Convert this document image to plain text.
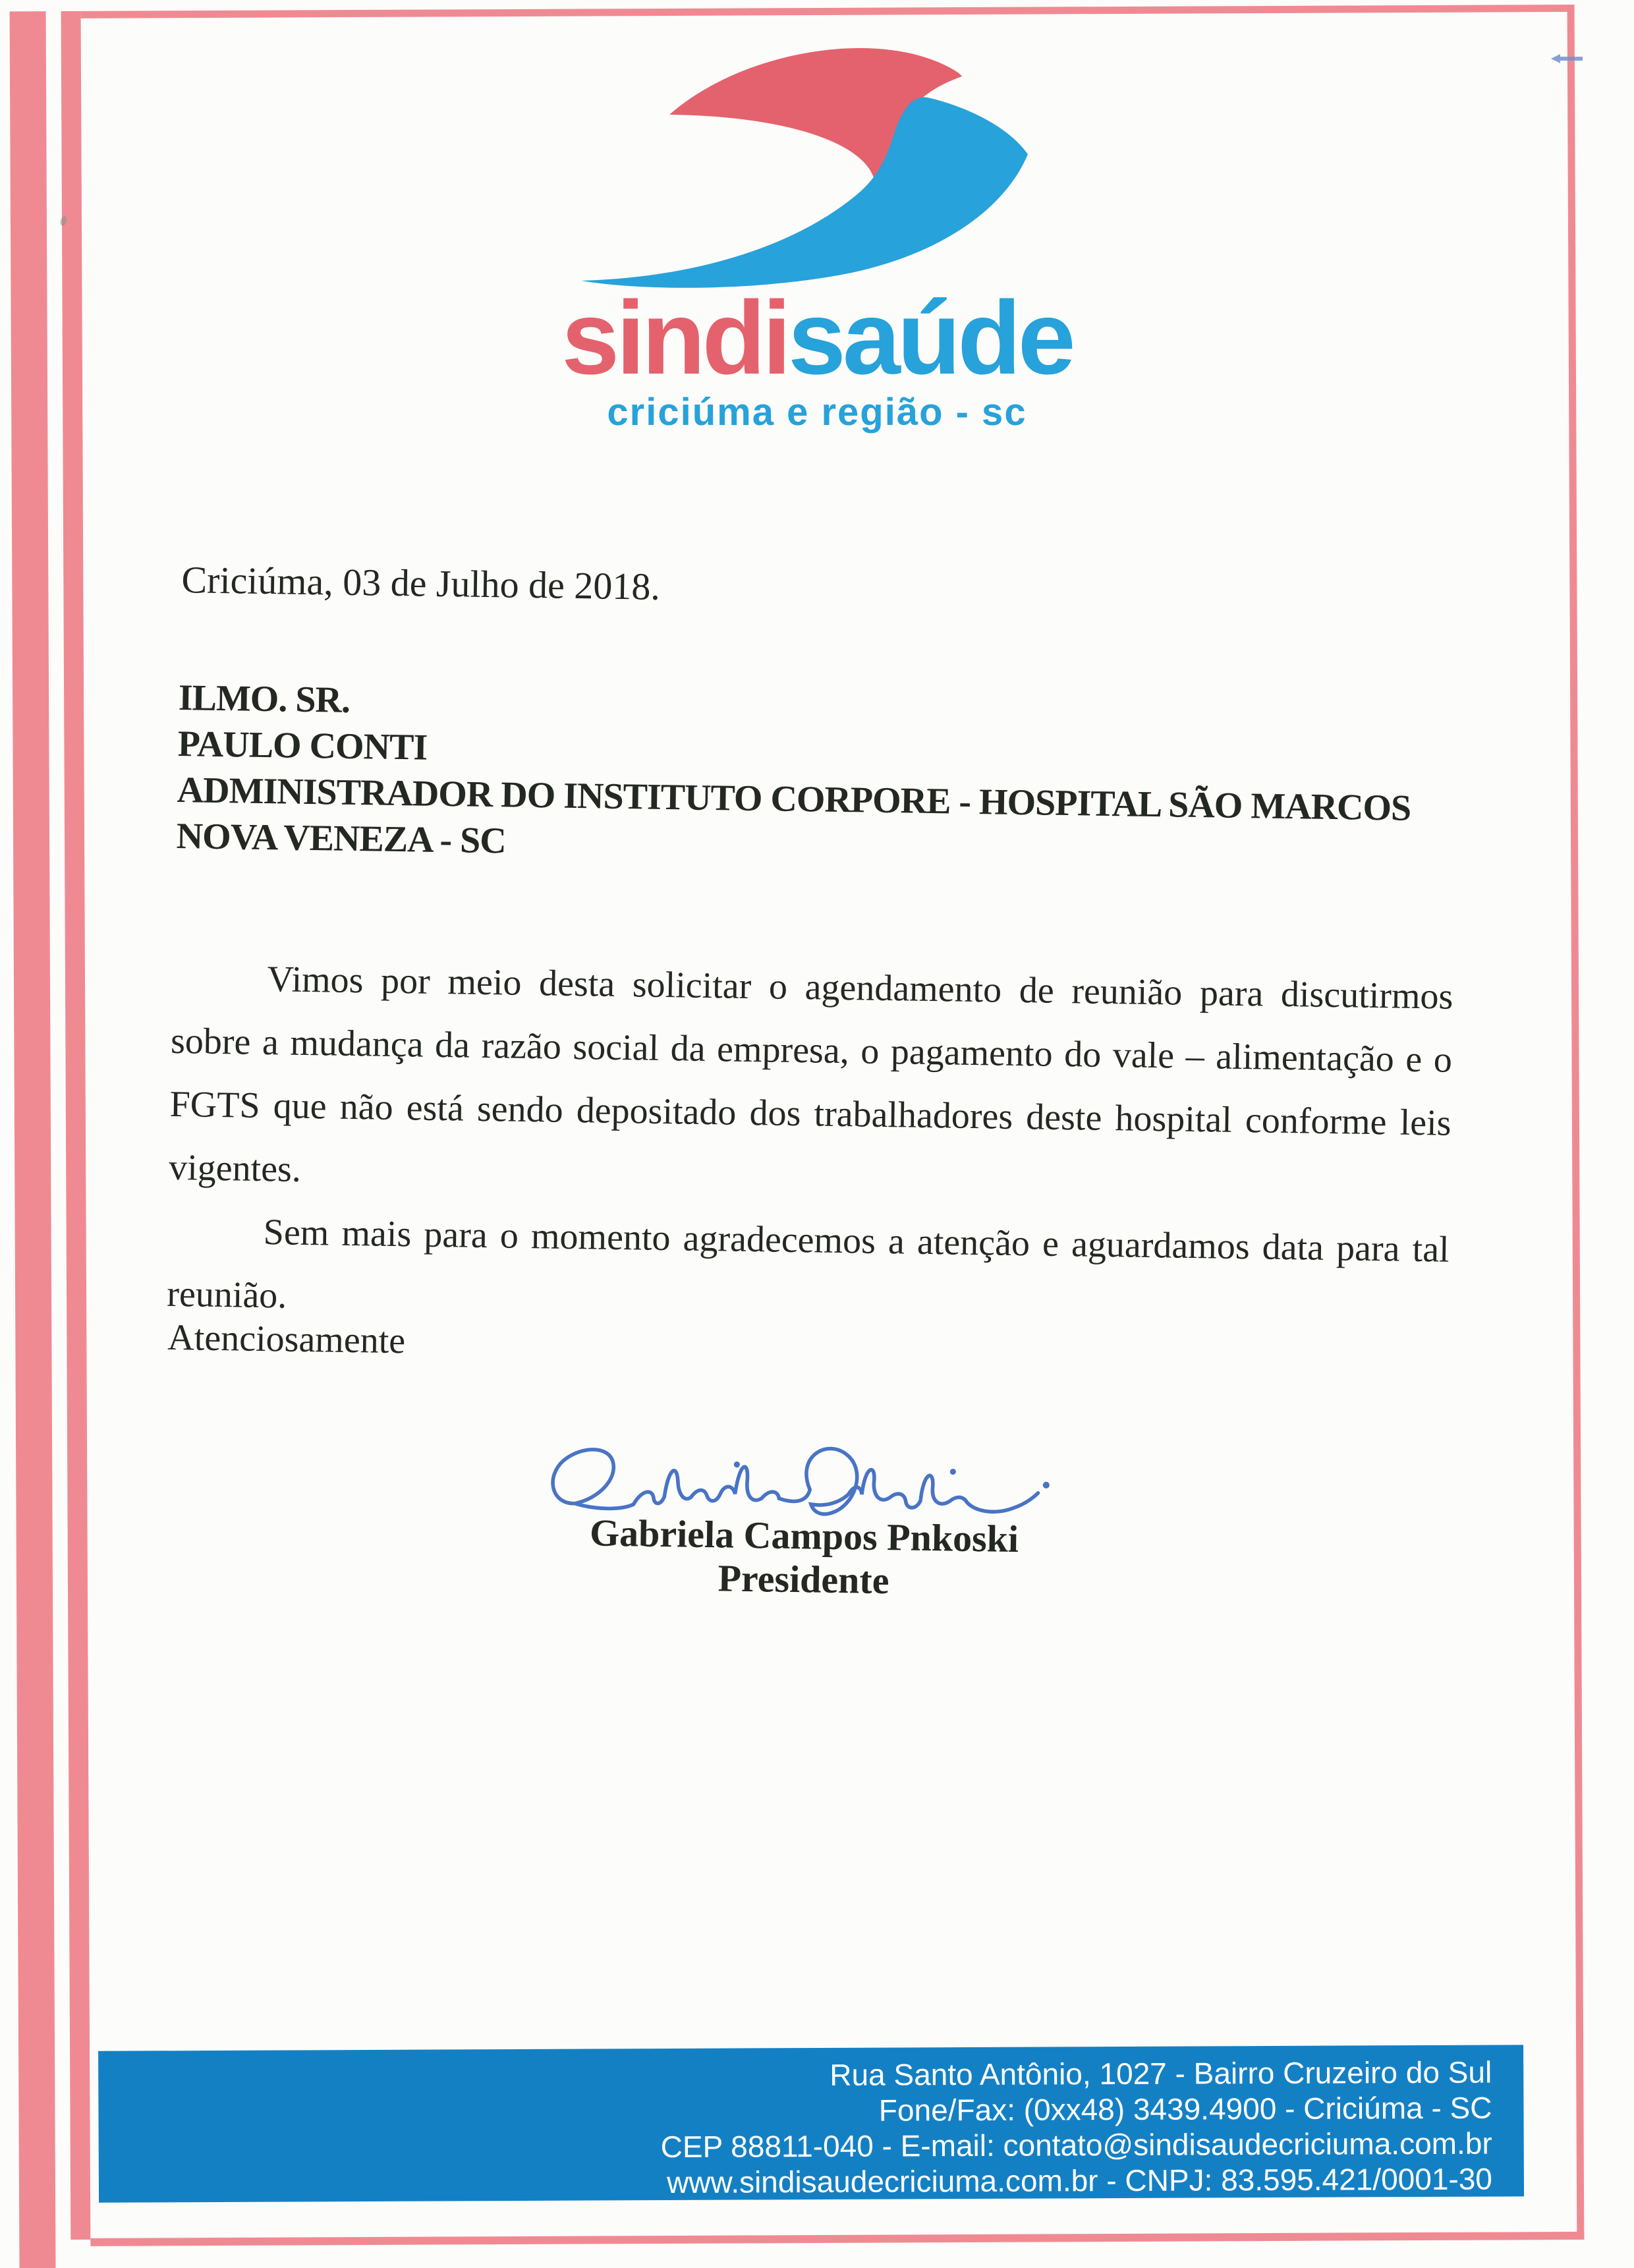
Rua Santo Antônio, 1027 - Bairro Cruzeiro do Sul
Fone/Fax: (0xx48) 3439.4900 - Criciúma - SC
CEP 88811-040 - E-mail: contato@sindisaudecriciuma.com.br
www.sindisaudecriciuma.com.br - CNPJ: 83.595.421/0001-30
sindisaúde
criciúma e região - sc
Criciúma, 03 de Julho de 2018.
ILMO. SR.
PAULO CONTI
ADMINISTRADOR DO INSTITUTO CORPORE - HOSPITAL SÃO MARCOS
NOVA VENEZA - SC

Vimos por meio desta solicitar o agendamento de reunião para discutirmos sobre a mudança da razão social da empresa, o pagamento do vale – alimentação e o FGTS que não está sendo depositado dos trabalhadores deste hospital conforme leis vigentes.

Sem mais para o momento agradecemos a atenção e aguardamos data para tal reunião.

Atenciosamente
Gabriela Campos Pnkoski
Presidente
